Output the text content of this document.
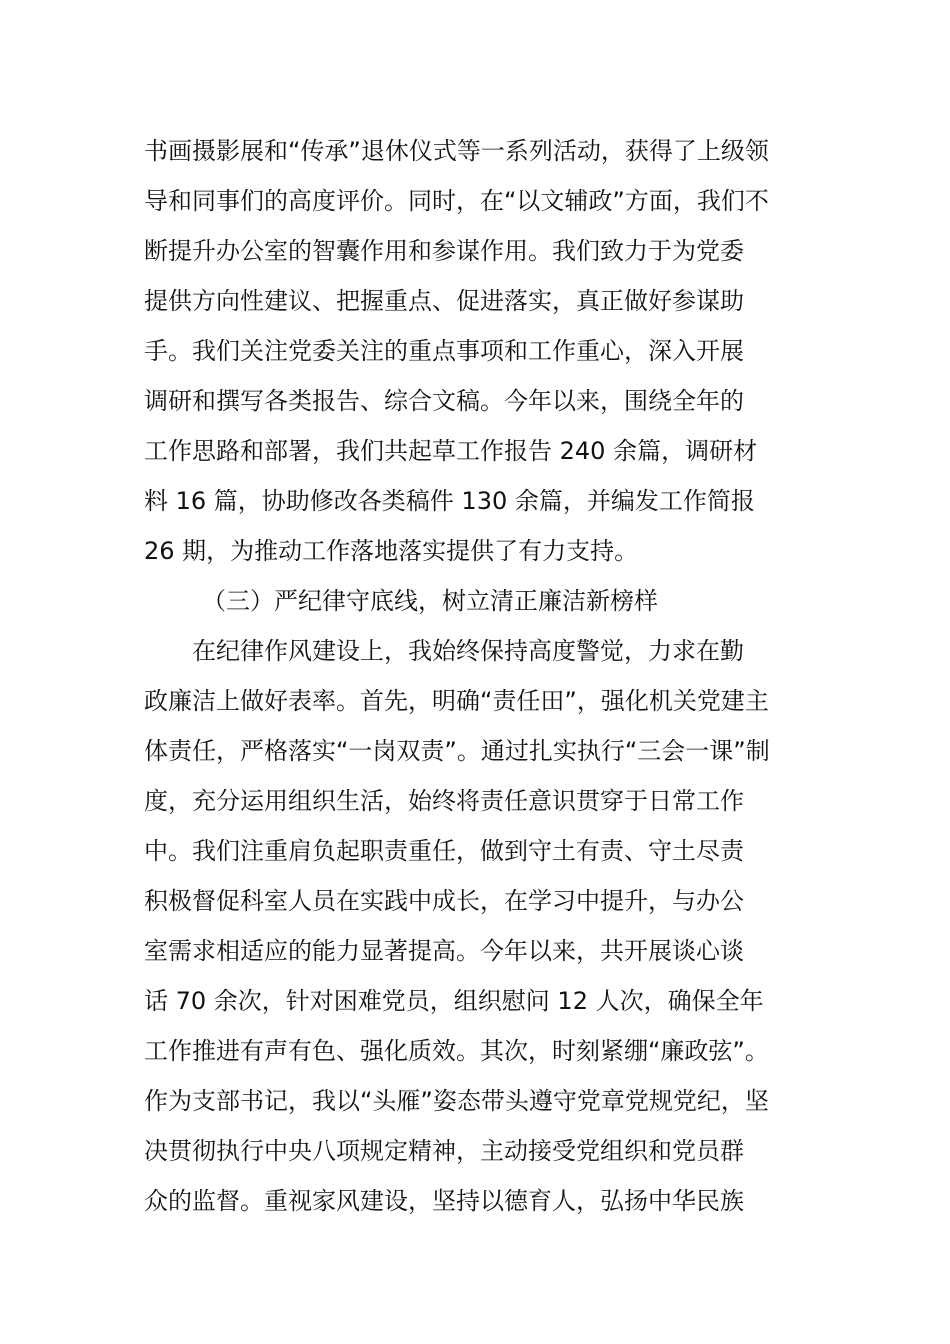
书画摄影展和“传承”退休仪式等一系列活动，获得了上级领
导和同事们的高度评价。同时，在“以文辅政”方面，我们不
断提升办公室的智囊作用和参谋作用。我们致力于为党委
提供方向性建议、把握重点、促进落实，真正做好参谋助
手。我们关注党委关注的重点事项和工作重心，深入开展
调研和撰写各类报告、综合文稿。今年以来，围绕全年的
工作思路和部署，我们共起草工作报告 240 余篇，调研材
料 16 篇，协助修改各类稿件 130 余篇，并编发工作简报
26 期，为推动工作落地落实提供了有力支持。
（三）严纪律守底线，树立清正廉洁新榜样
在纪律作风建设上，我始终保持高度警觉，力求在勤
政廉洁上做好表率。首先，明确“责任田”，强化机关党建主
体责任，严格落实“一岗双责”。通过扎实执行“三会一课”制
度，充分运用组织生活，始终将责任意识贯穿于日常工作
中。我们注重肩负起职责重任，做到守土有责、守土尽责
积极督促科室人员在实践中成长，在学习中提升，与办公
室需求相适应的能力显著提高。今年以来，共开展谈心谈
话 70 余次，针对困难党员，组织慰问 12 人次，确保全年
工作推进有声有色、强化质效。其次，时刻紧绷“廉政弦”。
作为支部书记，我以“头雁”姿态带头遵守党章党规党纪，坚
决贯彻执行中央八项规定精神，主动接受党组织和党员群
众的监督。重视家风建设，坚持以德育人，弘扬中华民族
